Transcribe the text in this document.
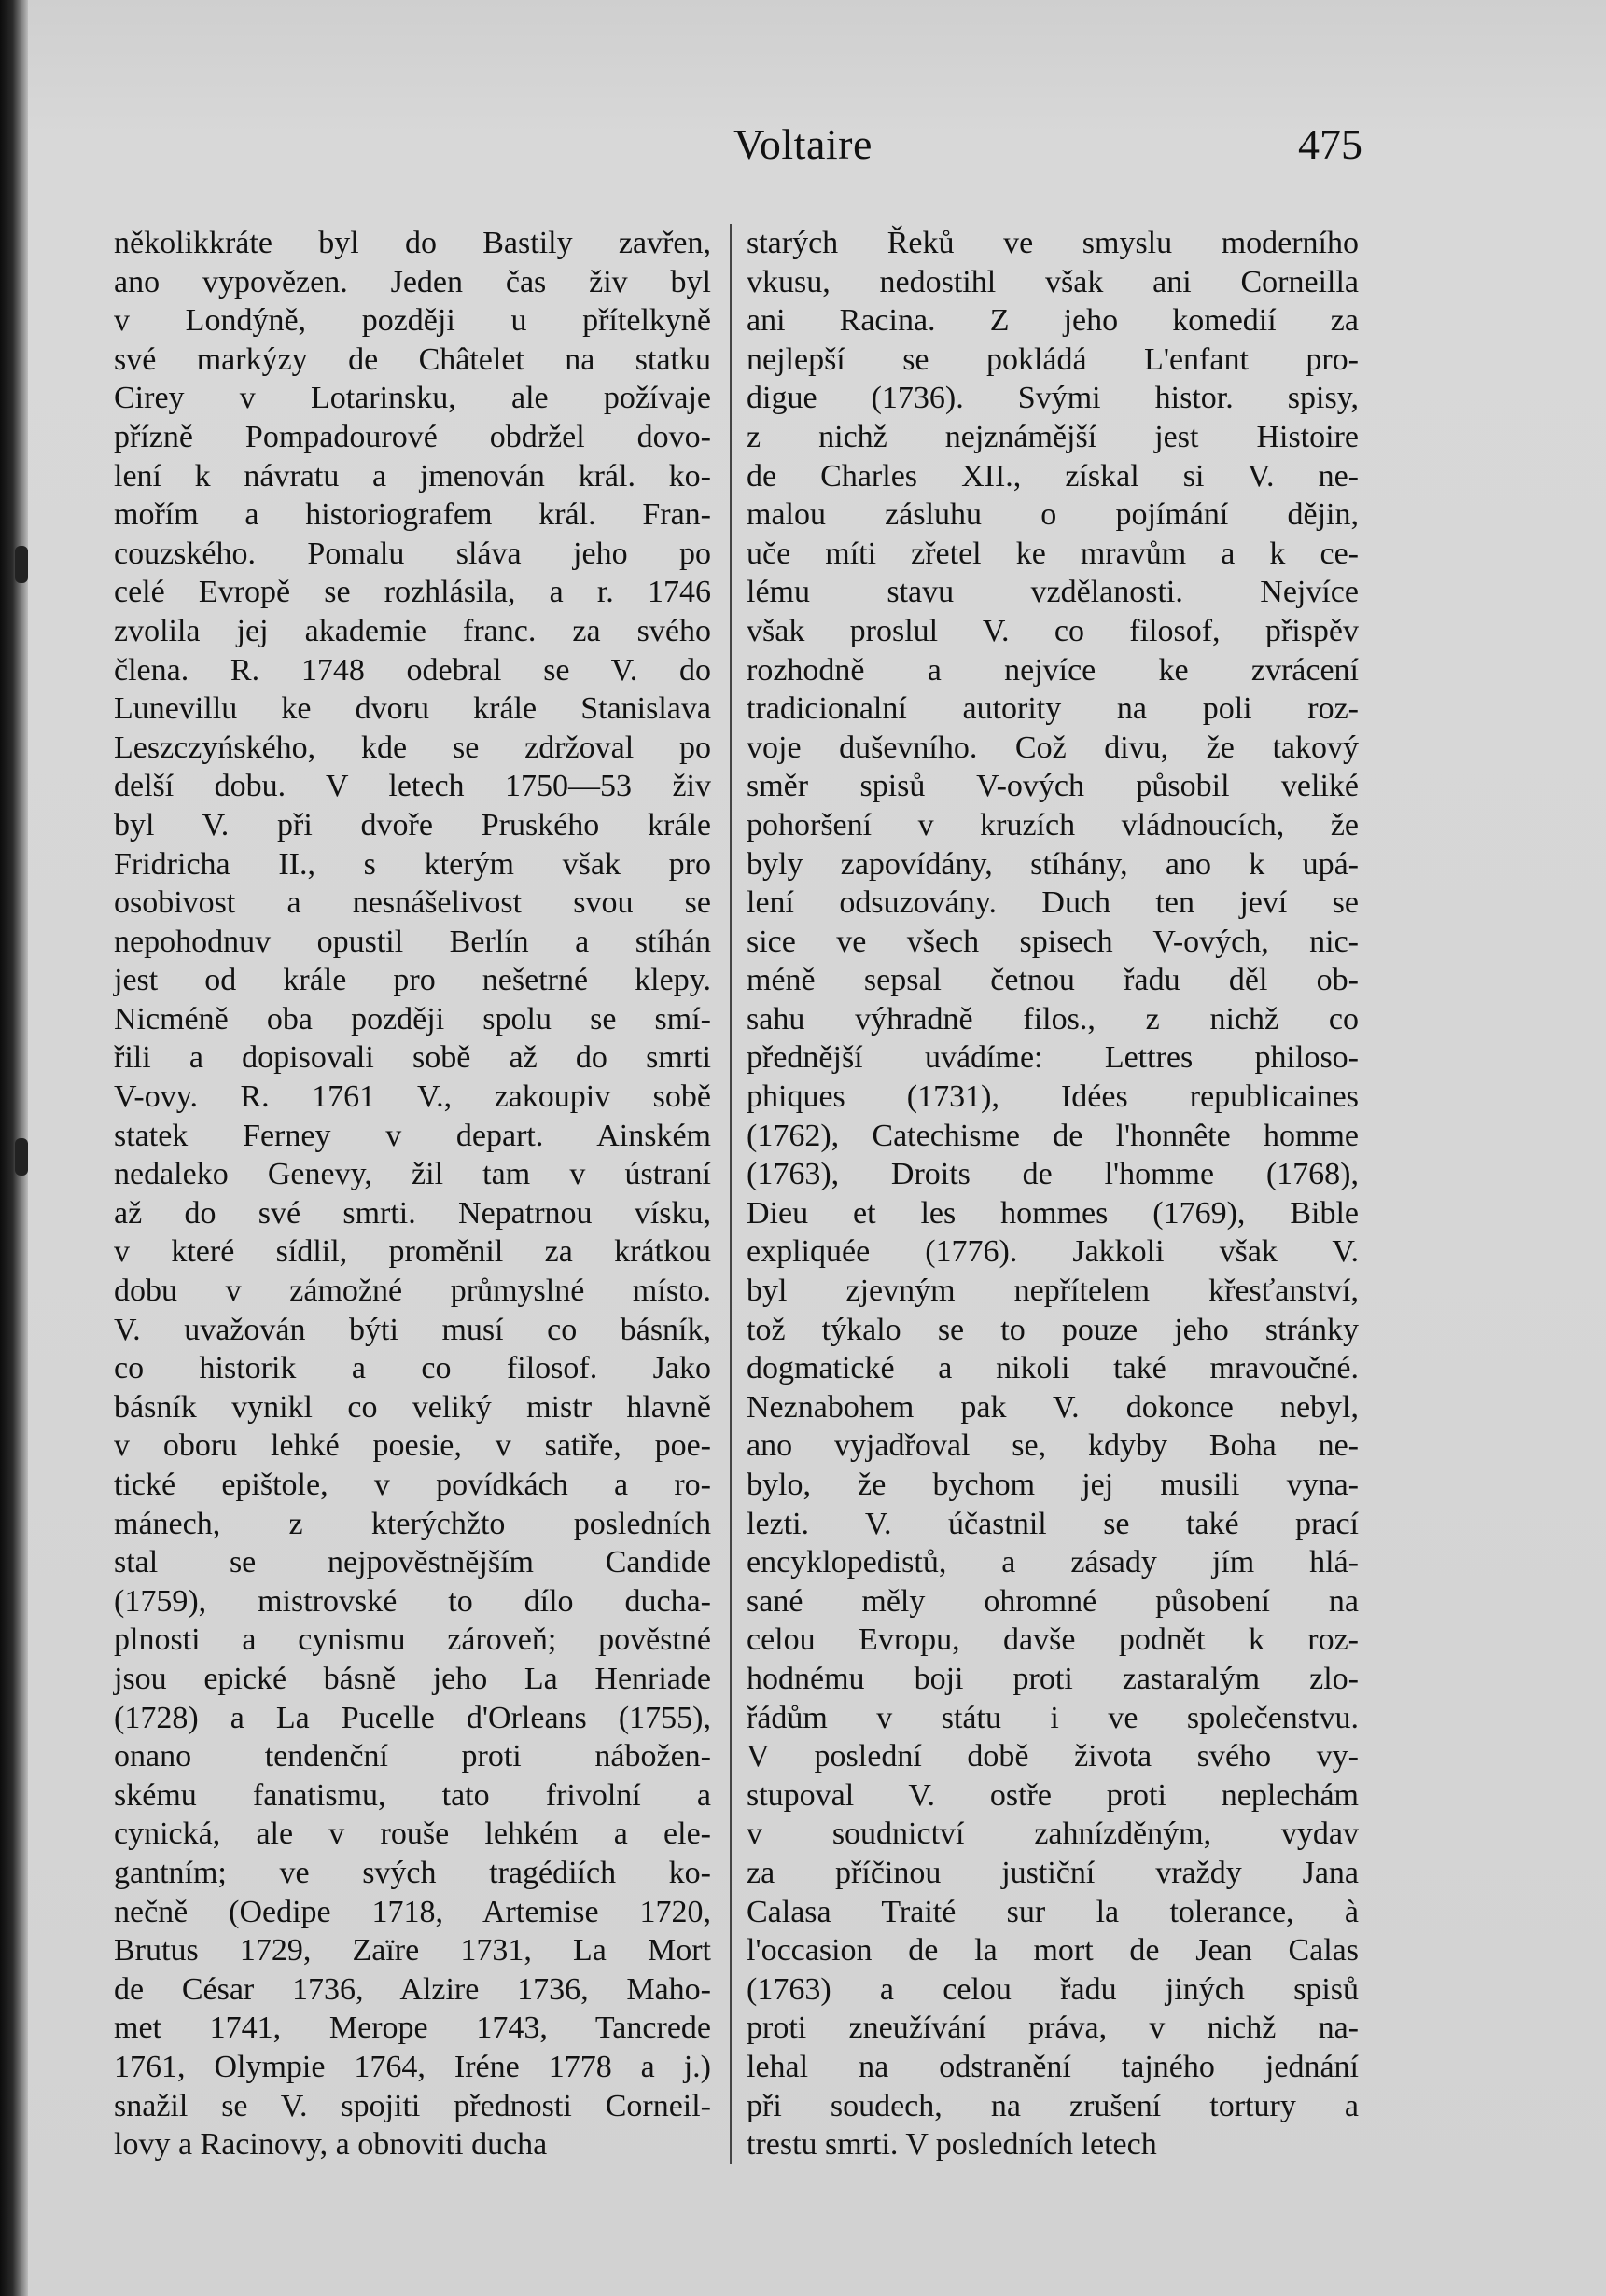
Voltaire	475
několikkráte byl do Bastily zavřen,
ano vypovězen. Jeden čas živ byl
v Londýně, později u přítelkyně
své markýzy de Châtelet na statku
Cirey v Lotarinsku, ale požívaje
přízně Pompadourové obdržel dovo-
lení k návratu a jmenován král. ko-
mořím a historiografem král. Fran-
couzského. Pomalu sláva jeho po
celé Evropě se rozhlásila, a r. 1746
zvolila jej akademie franc. za svého
člena. R. 1748 odebral se V. do
Lunevillu ke dvoru krále Stanislava
Leszczyńského, kde se zdržoval po
delší dobu. V letech 1750—53 živ
byl V. při dvoře Pruského krále
Fridricha II., s kterým však pro
osobivost a nesnášelivost svou se
nepohodnuv opustil Berlín a stíhán
jest od krále pro nešetrné klepy.
Nicméně oba později spolu se smí-
řili a dopisovali sobě až do smrti
V-ovy. R. 1761 V., zakoupiv sobě
statek Ferney v depart. Ainském
nedaleko Genevy, žil tam v ústraní
až do své smrti. Nepatrnou vísku,
v které sídlil, proměnil za krátkou
dobu v zámožné průmyslné místo.
V. uvažován býti musí co básník,
co historik a co filosof. Jako
básník vynikl co veliký mistr hlavně
v oboru lehké poesie, v satiře, poe-
tické epištole, v povídkách a ro-
mánech, z kterýchžto posledních
stal se nejpověstnějším Candide
(1759), mistrovské to dílo ducha-
plnosti a cynismu zároveň; pověstné
jsou epické básně jeho La Henriade
(1728) a La Pucelle d'Orleans (1755),
onano tendenční proti nábožen-
skému fanatismu, tato frivolní a
cynická, ale v rouše lehkém a ele-
gantním; ve svých tragédiích ko-
nečně (Oedipe 1718, Artemise 1720,
Brutus 1729, Zaïre 1731, La Mort
de César 1736, Alzire 1736, Maho-
met 1741, Merope 1743, Tancrede
1761, Olympie 1764, Iréne 1778 a j.)
snažil se V. spojiti přednosti Corneil-
lovy a Racinovy, a obnoviti ducha
starých Řeků ve smyslu moderního
vkusu, nedostihl však ani Corneilla
ani Racina. Z jeho komedií za
nejlepší se pokládá L'enfant pro-
digue (1736). Svými histor. spisy,
z nichž nejznámější jest Histoire
de Charles XII., získal si V. ne-
malou zásluhu o pojímání dějin,
uče míti zřetel ke mravům a k ce-
lému stavu vzdělanosti. Nejvíce
však proslul V. co filosof, přispěv
rozhodně a nejvíce ke zvrácení
tradicionalní autority na poli roz-
voje duševního. Což divu, že takový
směr spisů V-ových působil veliké
pohoršení v kruzích vládnoucích, že
byly zapovídány, stíhány, ano k upá-
lení odsuzovány. Duch ten jeví se
sice ve všech spisech V-ových, nic-
méně sepsal četnou řadu děl ob-
sahu výhradně filos., z nichž co
přednější uvádíme: Lettres philoso-
phiques (1731), Idées republicaines
(1762), Catechisme de l'honnête homme
(1763), Droits de l'homme (1768),
Dieu et les hommes (1769), Bible
expliquée (1776). Jakkoli však V.
byl zjevným nepřítelem křesťanství,
tož týkalo se to pouze jeho stránky
dogmatické a nikoli také mravoučné.
Neznabohem pak V. dokonce nebyl,
ano vyjadřoval se, kdyby Boha ne-
bylo, že bychom jej musili vyna-
lezti. V. účastnil se také prací
encyklopedistů, a zásady jím hlá-
sané měly ohromné působení na
celou Evropu, davše podnět k roz-
hodnému boji proti zastaralým zlo-
řádům v státu i ve společenstvu.
V poslední době života svého vy-
stupoval V. ostře proti neplechám
v soudnictví zahnízděným, vydav
za příčinou justiční vraždy Jana
Calasa Traité sur la tolerance, à
l'occasion de la mort de Jean Calas
(1763) a celou řadu jiných spisů
proti zneužívání práva, v nichž na-
lehal na odstranění tajného jednání
při soudech, na zrušení tortury a
trestu smrti. V posledních letech
